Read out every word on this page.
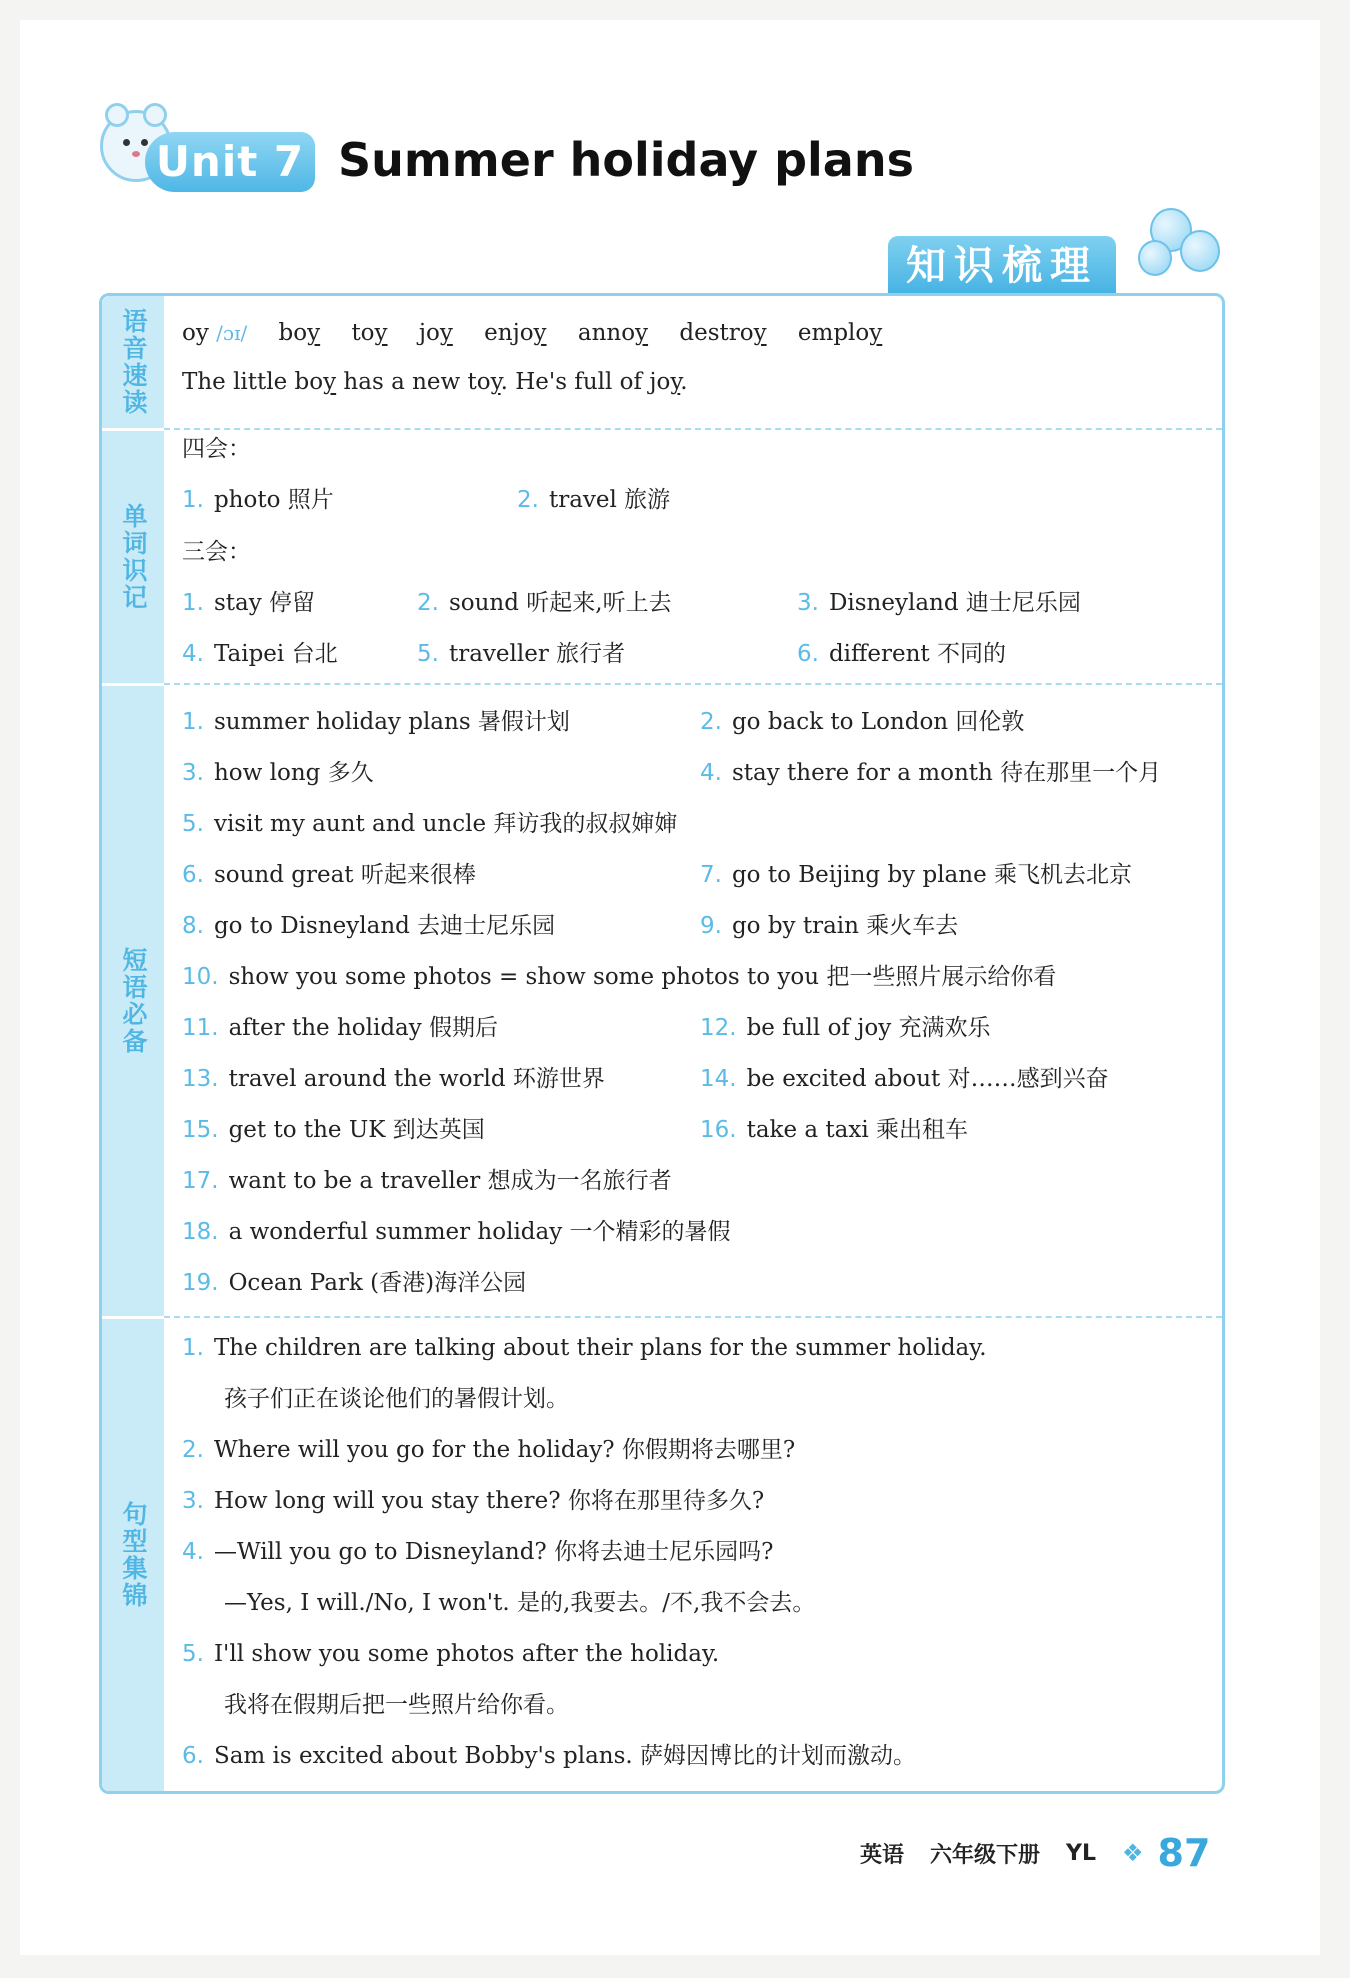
Unit 7 Summer holiday plans
知识梳理
语音速读
单词识记
短语必备
句型集锦
oy /ɔɪ/ boy toy joy enjoy annoy destroy employ
The little boy has a new toy. He's full of joy.
四会：
1. photo 照片	2. travel 旅游
三会：
1. stay 停留	2. sound 听起来,听上去	3. Disneyland 迪士尼乐园
4. Taipei 台北	5. traveller 旅行者	6. different 不同的
1. summer holiday plans 暑假计划	2. go back to London 回伦敦
3. how long 多久	4. stay there for a month 待在那里一个月
5. visit my aunt and uncle 拜访我的叔叔婶婶
6. sound great 听起来很棒	7. go to Beijing by plane 乘飞机去北京
8. go to Disneyland 去迪士尼乐园	9. go by train 乘火车去
10. show you some photos = show some photos to you 把一些照片展示给你看
11. after the holiday 假期后	12. be full of joy 充满欢乐
13. travel around the world 环游世界	14. be excited about 对……感到兴奋
15. get to the UK 到达英国	16. take a taxi 乘出租车
17. want to be a traveller 想成为一名旅行者
18. a wonderful summer holiday 一个精彩的暑假
19. Ocean Park (香港)海洋公园
1. The children are talking about their plans for the summer holiday.
孩子们正在谈论他们的暑假计划。
2. Where will you go for the holiday? 你假期将去哪里?
3. How long will you stay there? 你将在那里待多久?
4. —Will you go to Disneyland? 你将去迪士尼乐园吗?
—Yes, I will./No, I won't. 是的,我要去。/不,我不会去。
5. I'll show you some photos after the holiday.
我将在假期后把一些照片给你看。
6. Sam is excited about Bobby's plans. 萨姆因博比的计划而激动。
英语 六年级下册 YL ❖ 87
